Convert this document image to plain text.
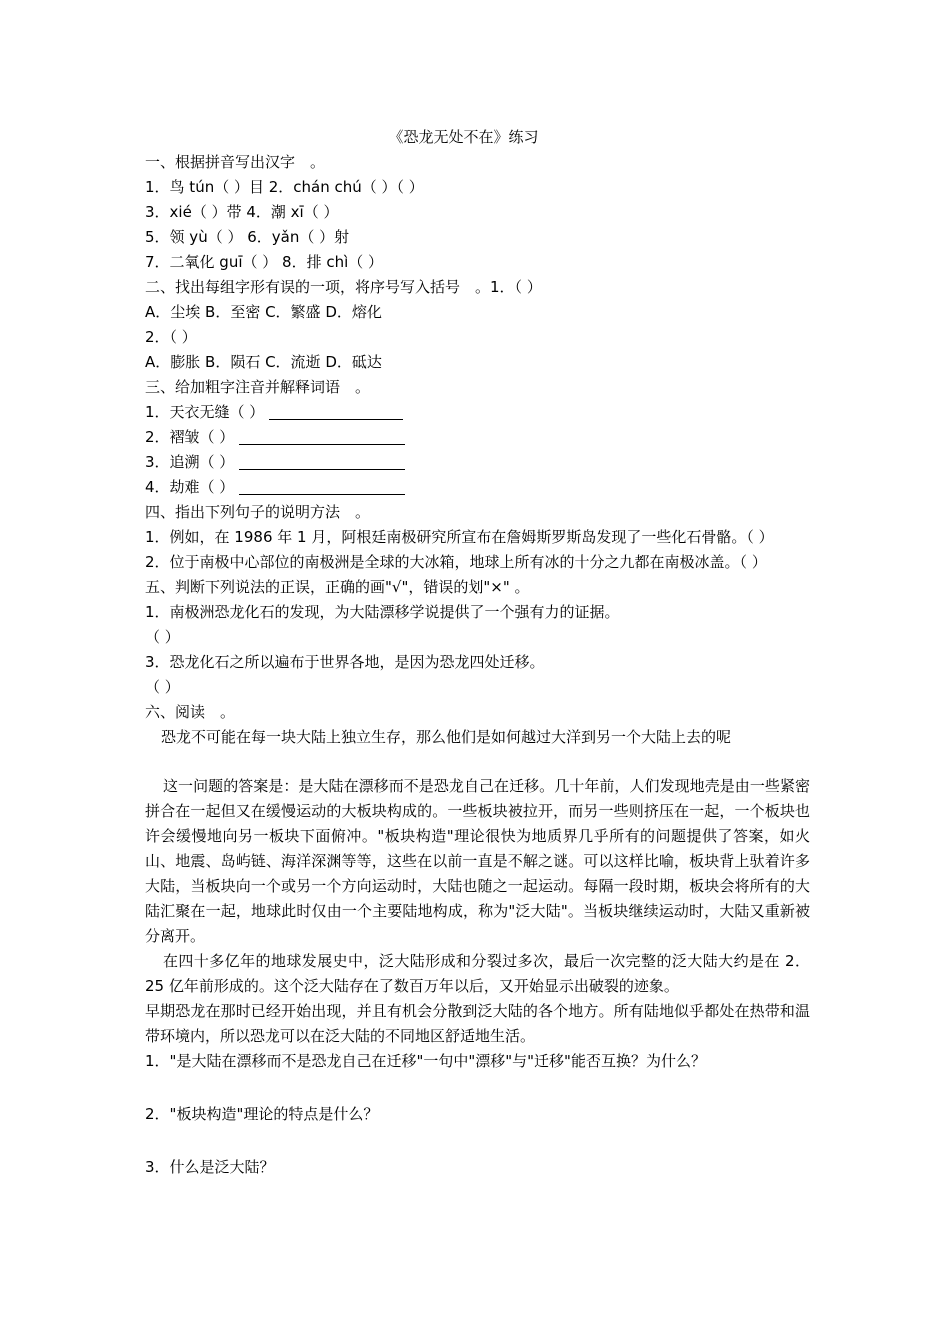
《恐龙无处不在》练习
一、根据拼音写出汉字　。
1．鸟 tún（ ）目 2．chán chú（ ）（ ）
3．xié（ ）带 4．潮 xī（ ）
5．领 yù（ ） 6．yǎn（ ）射
7．二氧化 guī（ ） 8．排 chì（ ）
二、找出每组字形有误的一项，将序号写入括号　。1．（ ）
A．尘埃 B．至密 C．繁盛 D．熔化
2．（ ）
A．膨胀 B．陨石 C．流逝 D．砥达
三、给加粗字注音并解释词语　。
1．天衣无缝（ ）
2．褶皱（ ）
3．追溯（ ）
4．劫难（ ）
四、指出下列句子的说明方法　。
1．例如，在 1986 年 1 月，阿根廷南极研究所宣布在詹姆斯罗斯岛发现了一些化石骨骼。（ ）
2．位于南极中心部位的南极洲是全球的大冰箱，地球上所有冰的十分之九都在南极冰盖。（ ）
五、判断下列说法的正误，正确的画"√"，错误的划"×" 。
1．南极洲恐龙化石的发现，为大陆漂移学说提供了一个强有力的证据。
（ ）
3．恐龙化石之所以遍布于世界各地，是因为恐龙四处迁移。
（ ）
六、阅读　。
恐龙不可能在每一块大陆上独立生存，那么他们是如何越过大洋到另一个大陆上去的呢
这一问题的答案是：是大陆在漂移而不是恐龙自己在迁移。几十年前，人们发现地壳是由一些紧密拼合在一起但又在缓慢运动的大板块构成的。一些板块被拉开，而另一些则挤压在一起，一个板块也许会缓慢地向另一板块下面俯冲。"板块构造"理论很快为地质界几乎所有的问题提供了答案，如火山、地震、岛屿链、海洋深渊等等，这些在以前一直是不解之谜。可以这样比喻，板块背上驮着许多大陆，当板块向一个或另一个方向运动时，大陆也随之一起运动。每隔一段时期，板块会将所有的大陆汇聚在一起，地球此时仅由一个主要陆地构成，称为"泛大陆"。当板块继续运动时，大陆又重新被分离开。
在四十多亿年的地球发展史中，泛大陆形成和分裂过多次，最后一次完整的泛大陆大约是在 2．25 亿年前形成的。这个泛大陆存在了数百万年以后，又开始显示出破裂的迹象。
早期恐龙在那时已经开始出现，并且有机会分散到泛大陆的各个地方。所有陆地似乎都处在热带和温带环境内，所以恐龙可以在泛大陆的不同地区舒适地生活。
1．"是大陆在漂移而不是恐龙自己在迁移"一句中"漂移"与"迁移"能否互换？为什么？
2．"板块构造"理论的特点是什么？
3．什么是泛大陆？
